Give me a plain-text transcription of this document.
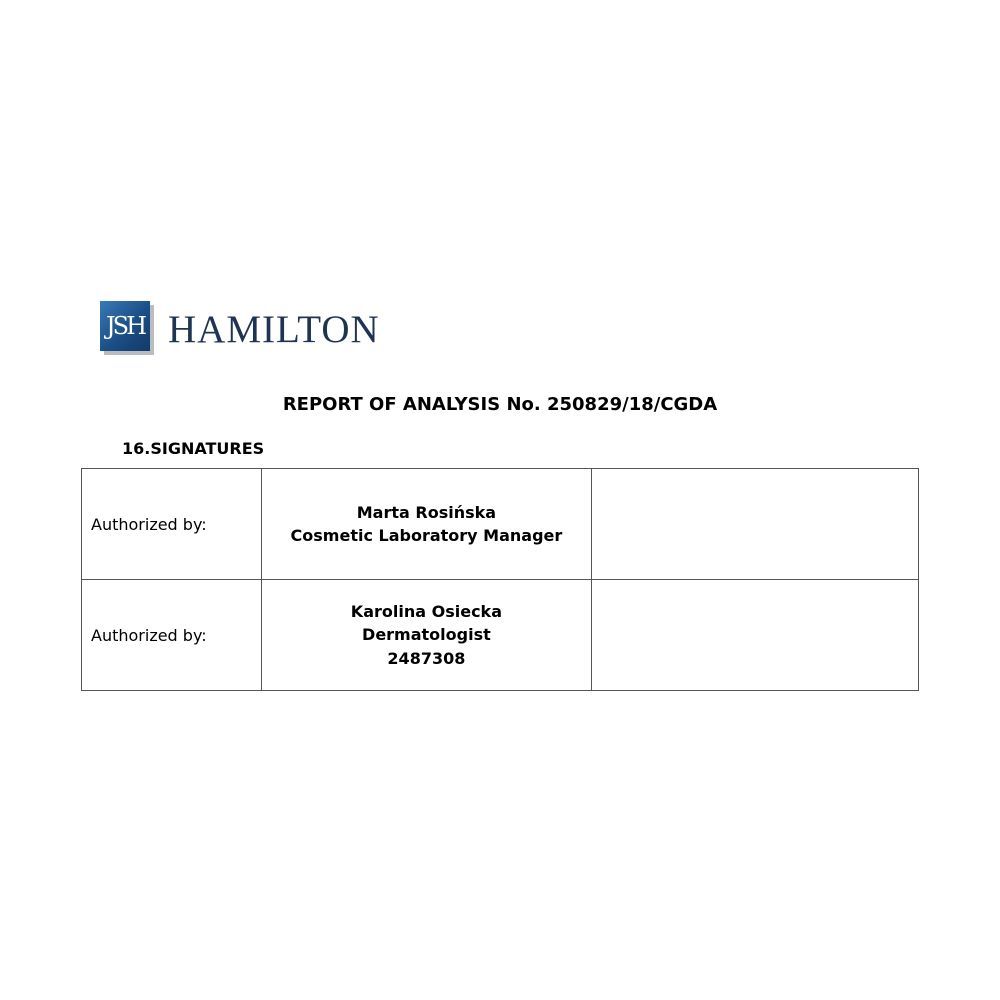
JSH HAMILTON
REPORT OF ANALYSIS No. 250829/18/CGDA
16.SIGNATURES
Authorized by:	Marta Rosińska
Cosmetic Laboratory Manager	

Authorized by:	Karolina Osiecka
Dermatologist
2487308	
